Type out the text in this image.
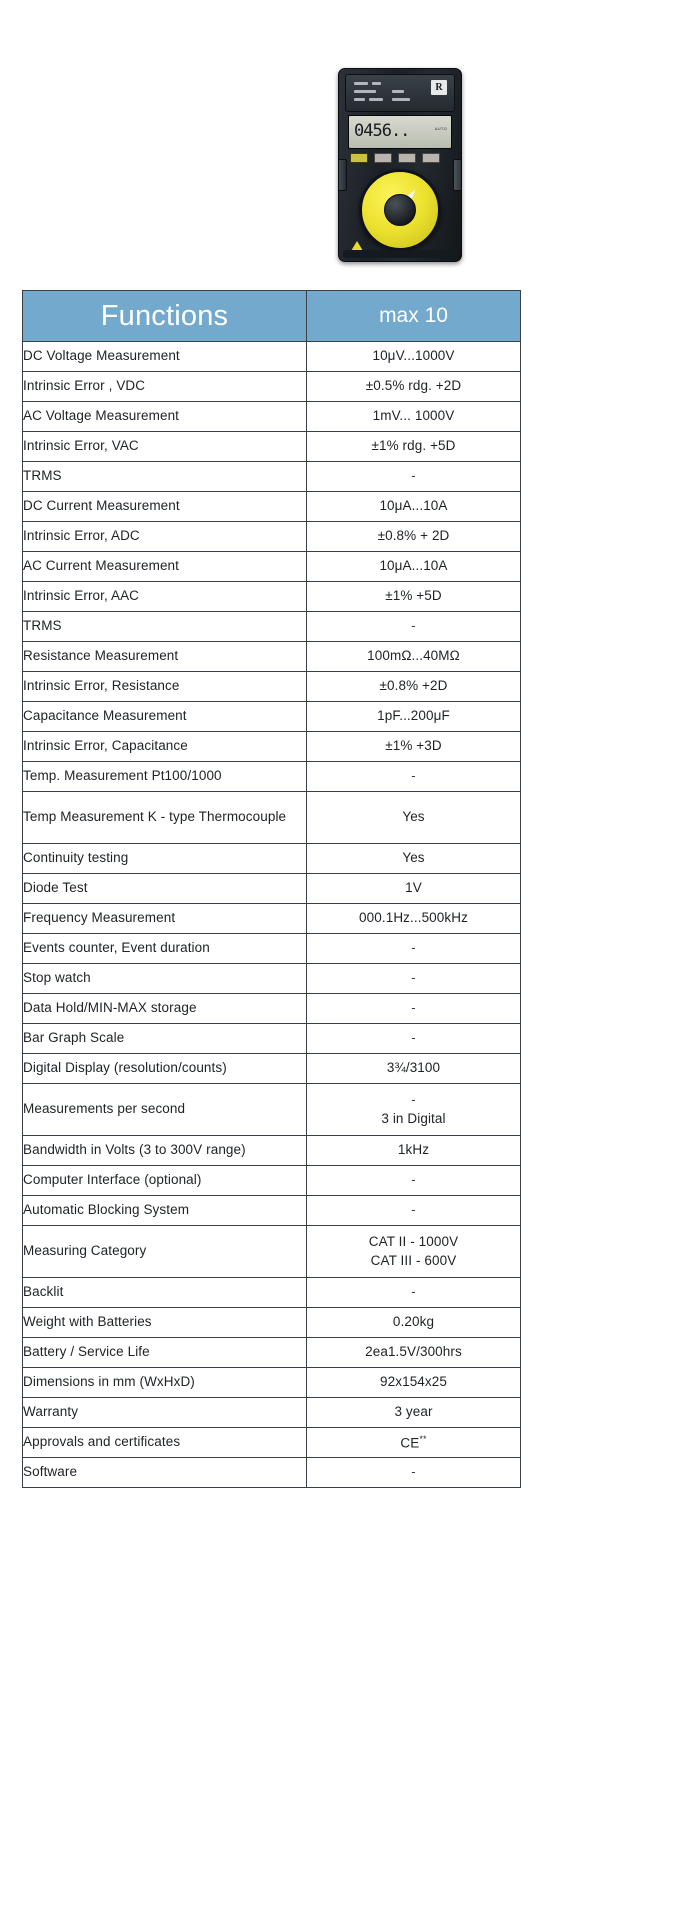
R
0456..	AUTO
Functions	max 10
DC Voltage Measurement	10μV...1000V

Intrinsic Error , VDC	±0.5% rdg. +2D

AC Voltage Measurement	1mV... 1000V

Intrinsic Error, VAC	±1% rdg. +5D

TRMS	-

DC Current Measurement	10μA...10A

Intrinsic Error, ADC	±0.8% + 2D

AC Current Measurement	10μA...10A

Intrinsic Error, AAC	±1% +5D

TRMS	-

Resistance Measurement	100mΩ...40MΩ

Intrinsic Error, Resistance	±0.8% +2D

Capacitance Measurement	1pF...200μF

Intrinsic Error, Capacitance	±1% +3D

Temp. Measurement Pt100/1000	-

Temp Measurement K - type Thermocouple	Yes

Continuity testing	Yes

Diode Test	1V

Frequency Measurement	000.1Hz...500kHz

Events counter, Event duration	-

Stop watch	-

Data Hold/MIN-MAX storage	-

Bar Graph Scale	-

Digital Display (resolution/counts)	3¾/3100

Measurements per second	-
3 in Digital

Bandwidth in Volts (3 to 300V range)	1kHz

Computer Interface (optional)	-

Automatic Blocking System	-

Measuring Category	CAT II - 1000V
CAT III - 600V

Backlit	-

Weight with Batteries	0.20kg

Battery / Service Life	2ea1.5V/300hrs

Dimensions in mm (WxHxD)	92x154x25

Warranty	3 year

Approvals and certificates	CE**

Software	-
